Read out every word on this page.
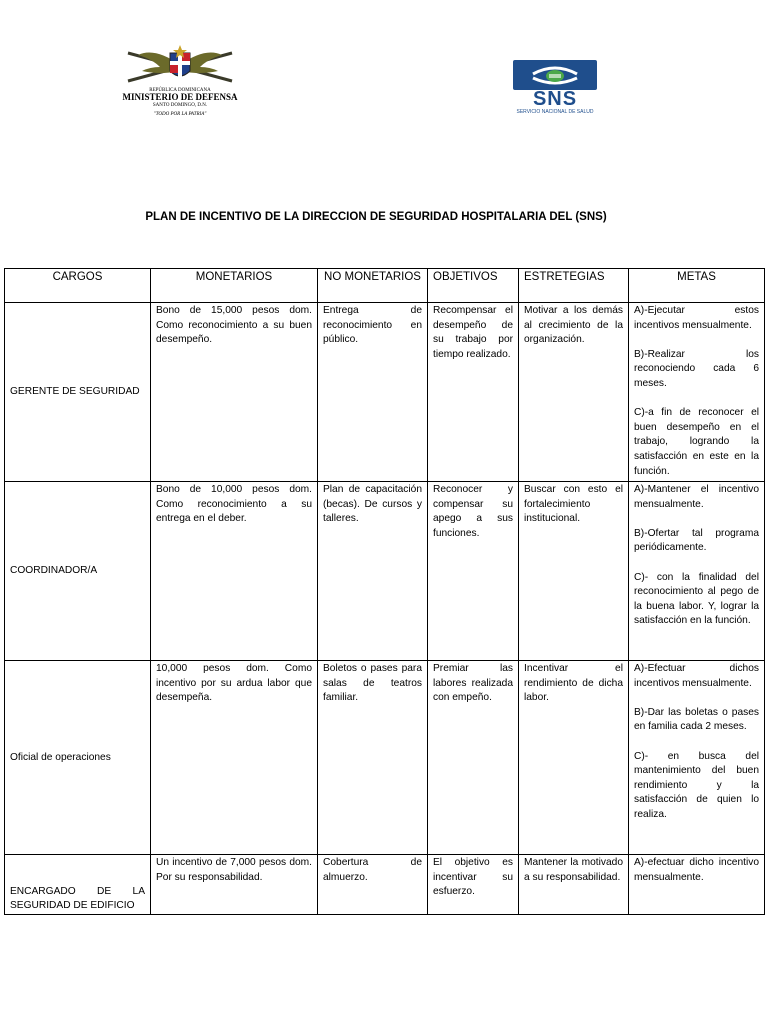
REPÚBLICA DOMINICANA
MINISTERIO DE DEFENSA
SANTO DOMINGO, D.N.
"TODO POR LA PATRIA"
SNS
SERVICIO NACIONAL DE SALUD
PLAN DE INCENTIVO DE LA DIRECCION DE SEGURIDAD HOSPITALARIA DEL (SNS)
CARGOS	MONETARIOS	NO MONETARIOS	OBJETIVOS	ESTRETEGIAS	METAS
GERENTE DE SEGURIDAD	Bono de 15,000 pesos dom. Como reconocimiento a su buen desempeño.	Entrega de reconocimiento en público.	Recompensar el desempeño de su trabajo por tiempo realizado.	Motivar a los demás al crecimiento de la organización.	A)-Ejecutar estos incentivos mensualmente.

B)-Realizar los reconociendo cada 6 meses.

C)-a fin de reconocer el buen desempeño en el trabajo, logrando la satisfacción en este en la función.

COORDINADOR/A	Bono de 10,000 pesos dom. Como reconocimiento a su entrega en el deber.	Plan de capacitación (becas). De cursos y talleres.	Reconocer y compensar su apego a sus funciones.	Buscar con esto el fortalecimiento institucional.	A)-Mantener el incentivo mensualmente.

B)-Ofertar tal programa periódicamente.

C)- con la finalidad del reconocimiento al pego de la buena labor. Y, lograr la satisfacción en la función.

Oficial de operaciones	10,000 pesos dom. Como incentivo por su ardua labor que desempeña.	Boletos o pases para salas de teatros familiar.	Premiar las labores realizada con empeño.	Incentivar el rendimiento de dicha labor.	A)-Efectuar dichos incentivos mensualmente.

B)-Dar las boletas o pases en familia cada 2 meses.

C)- en busca del mantenimiento del buen rendimiento y la satisfacción de quien lo realiza.

ENCARGADO DE LA SEGURIDAD DE EDIFICIO	Un incentivo de 7,000 pesos dom. Por su responsabilidad.	Cobertura de almuerzo.	El objetivo es incentivar su esfuerzo.	Mantener la motivado a su responsabilidad.	A)-efectuar dicho incentivo mensualmente.
